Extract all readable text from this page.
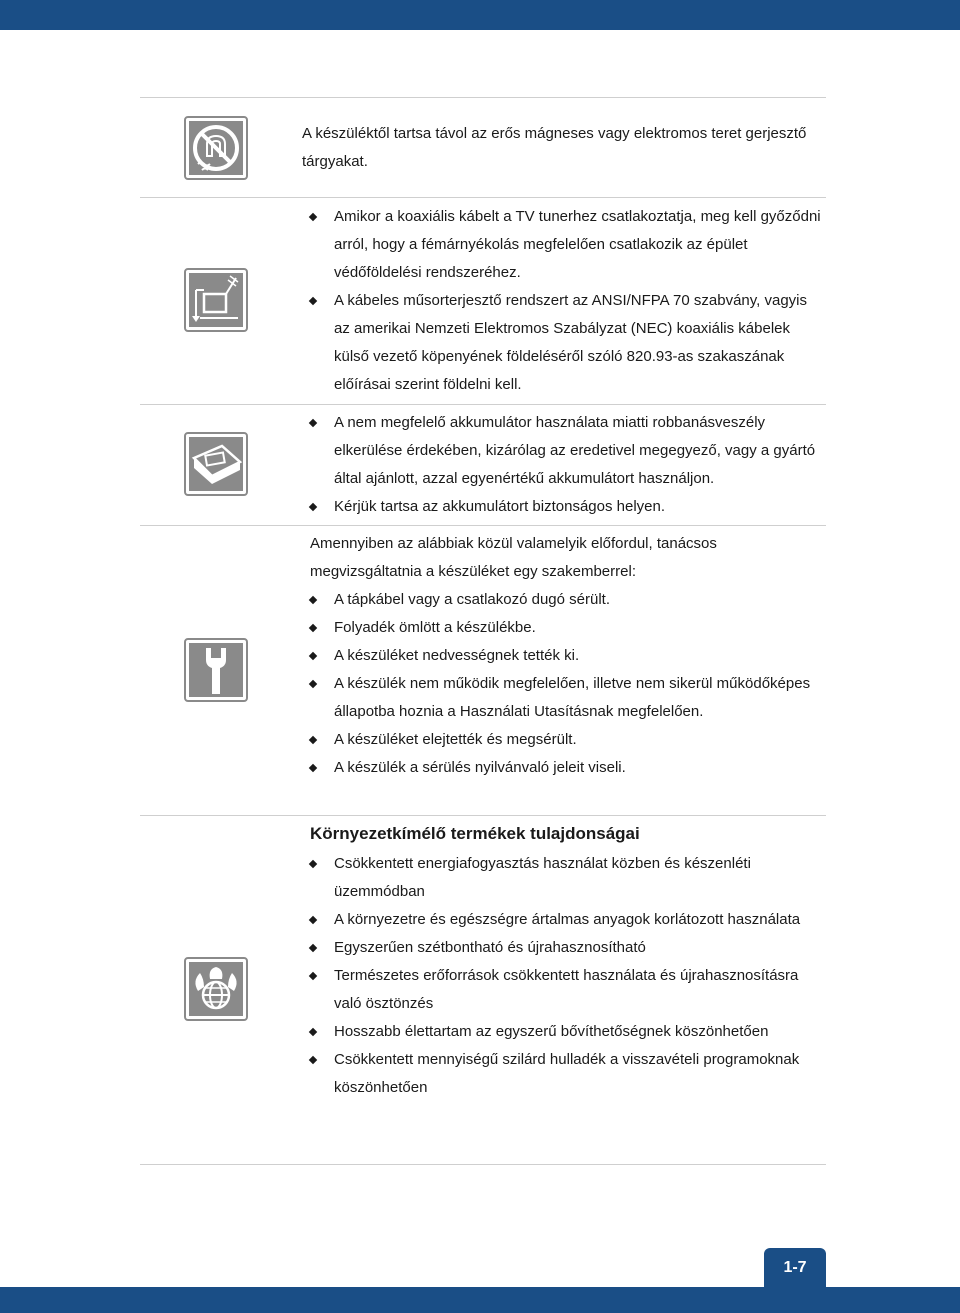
A készüléktől tartsa távol az erős mágneses vagy elektromos teret gerjesztő tárgyakat.

Amikor a koaxiális kábelt a TV tunerhez csatlakoztatja, meg kell győződni arról, hogy a fémárnyékolás megfelelően csatlakozik az épület védőföldelési rendszeréhez.
A kábeles műsorterjesztő rendszert az ANSI/NFPA 70 szabvány, vagyis az amerikai Nemzeti Elektromos Szabályzat (NEC) koaxiális kábelek külső vezető köpenyének földeléséről szóló 820.93-as szakaszának előírásai szerint földelni kell.
A nem megfelelő akkumulátor használata miatti robbanásveszély elkerülése érdekében, kizárólag az eredetivel megegyező, vagy a gyártó által ajánlott, azzal egyenértékű akkumulátort használjon.
Kérjük tartsa az akkumulátort biztonságos helyen.

Amennyiben az alábbiak közül valamelyik előfordul, tanácsos megvizsgáltatnia a készüléket egy szakemberrel:

A tápkábel vagy a csatlakozó dugó sérült.
Folyadék ömlött a készülékbe.
A készüléket nedvességnek tették ki.
A készülék nem működik megfelelően, illetve nem sikerül működőképes állapotba hoznia a Használati Utasításnak megfelelően.
A készüléket elejtették és megsérült.
A készülék a sérülés nyilvánvaló jeleit viseli.

Környezetkímélő termékek tulajdonságai

Csökkentett energiafogyasztás használat közben és készenléti üzemmódban
A környezetre és egészségre ártalmas anyagok korlátozott használata
Egyszerűen szétbontható és újrahasznosítható
Természetes erőforrások csökkentett használata és újrahasznosításra való ösztönzés
Hosszabb élettartam az egyszerű bővíthetőségnek köszönhetően
Csökkentett mennyiségű szilárd hulladék a visszavételi programoknak köszönhetően
1-7
